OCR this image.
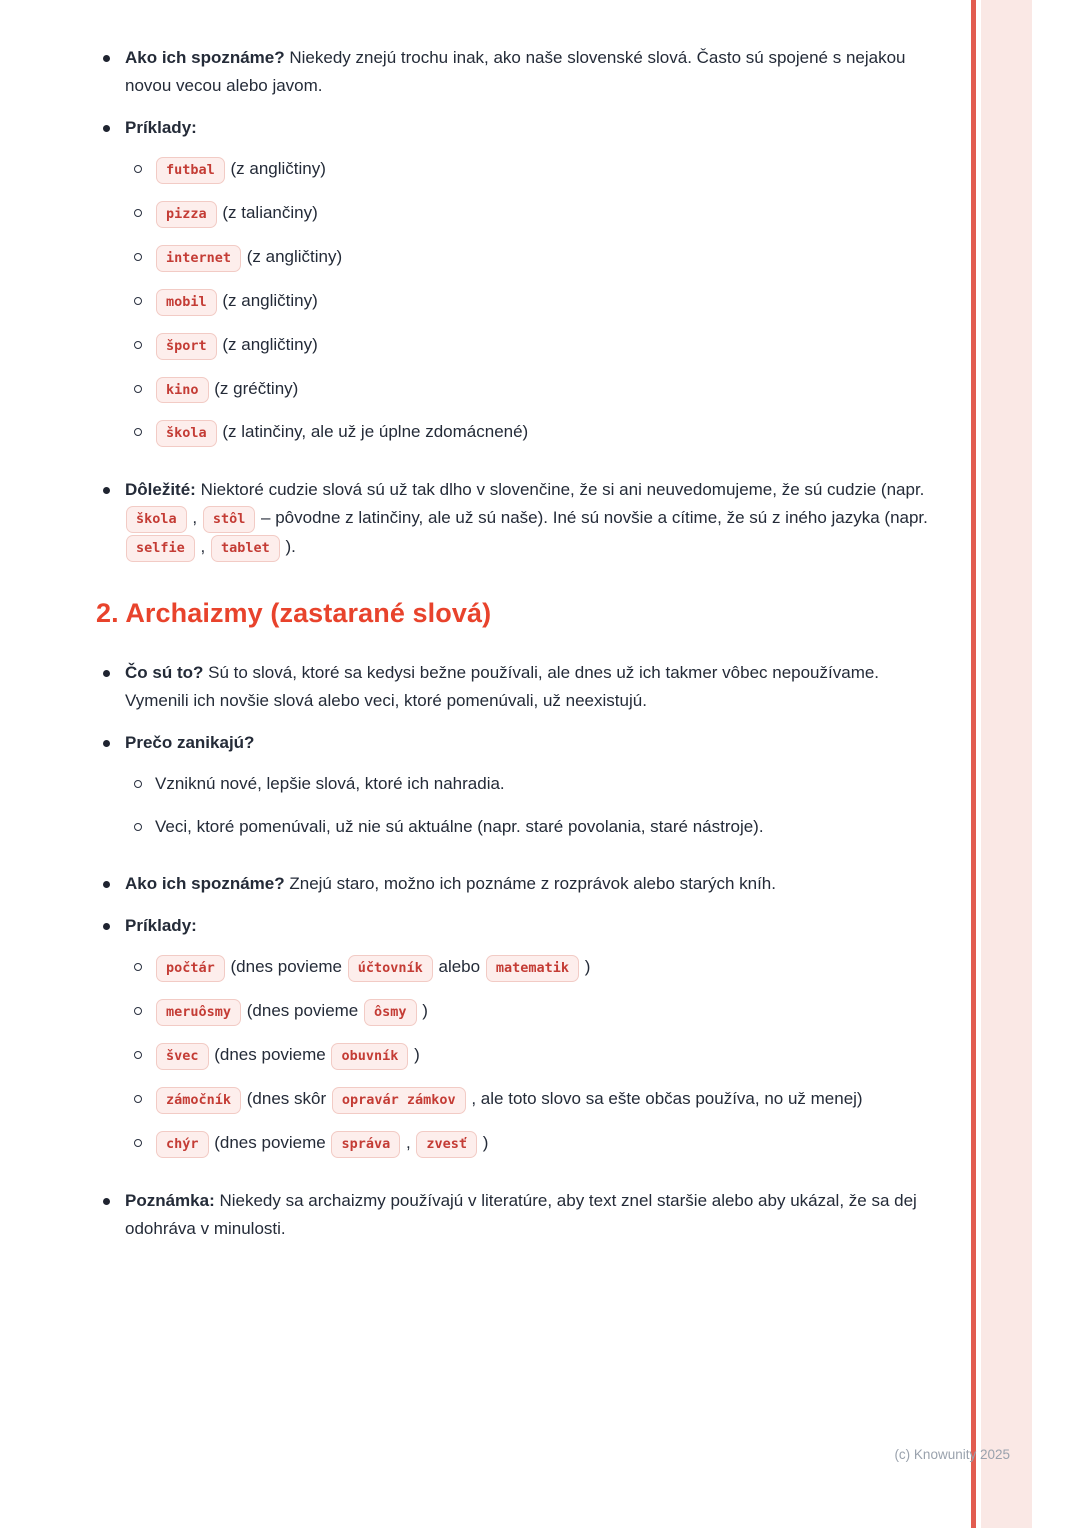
Ako ich spoznáme? Niekedy znejú trochu inak, ako naše slovenské slová. Často sú spojené s nejakou novou vecou alebo javom.
Príklady:
futbal (z angličtiny)
pizza (z taliančiny)
internet (z angličtiny)
mobil (z angličtiny)
šport (z angličtiny)
kino (z gréčtiny)
škola (z latinčiny, ale už je úplne zdomácnené)
Dôležité: Niektoré cudzie slová sú už tak dlho v slovenčine, že si ani neuvedomujeme, že sú cudzie (napr. škola , stôl – pôvodne z latinčiny, ale už sú naše). Iné sú novšie a cítime, že sú z iného jazyka (napr. selfie , tablet ).
2. Archaizmy (zastarané slová)
Čo sú to? Sú to slová, ktoré sa kedysi bežne používali, ale dnes už ich takmer vôbec nepoužívame. Vymenili ich novšie slová alebo veci, ktoré pomenúvali, už neexistujú.
Prečo zanikajú?
Vzniknú nové, lepšie slová, ktoré ich nahradia.
Veci, ktoré pomenúvali, už nie sú aktuálne (napr. staré povolania, staré nástroje).
Ako ich spoznáme? Znejú staro, možno ich poznáme z rozprávok alebo starých kníh.
Príklady:
počtár (dnes povieme účtovník alebo matematik )
meruôsmy (dnes povieme ôsmy )
švec (dnes povieme obuvník )
zámočník (dnes skôr opravár zámkov , ale toto slovo sa ešte občas používa, no už menej)
chýr (dnes povieme správa , zvesť )
Poznámka: Niekedy sa archaizmy používajú v literatúre, aby text znel staršie alebo aby ukázal, že sa dej odohráva v minulosti.
(c) Knowunity 2025
